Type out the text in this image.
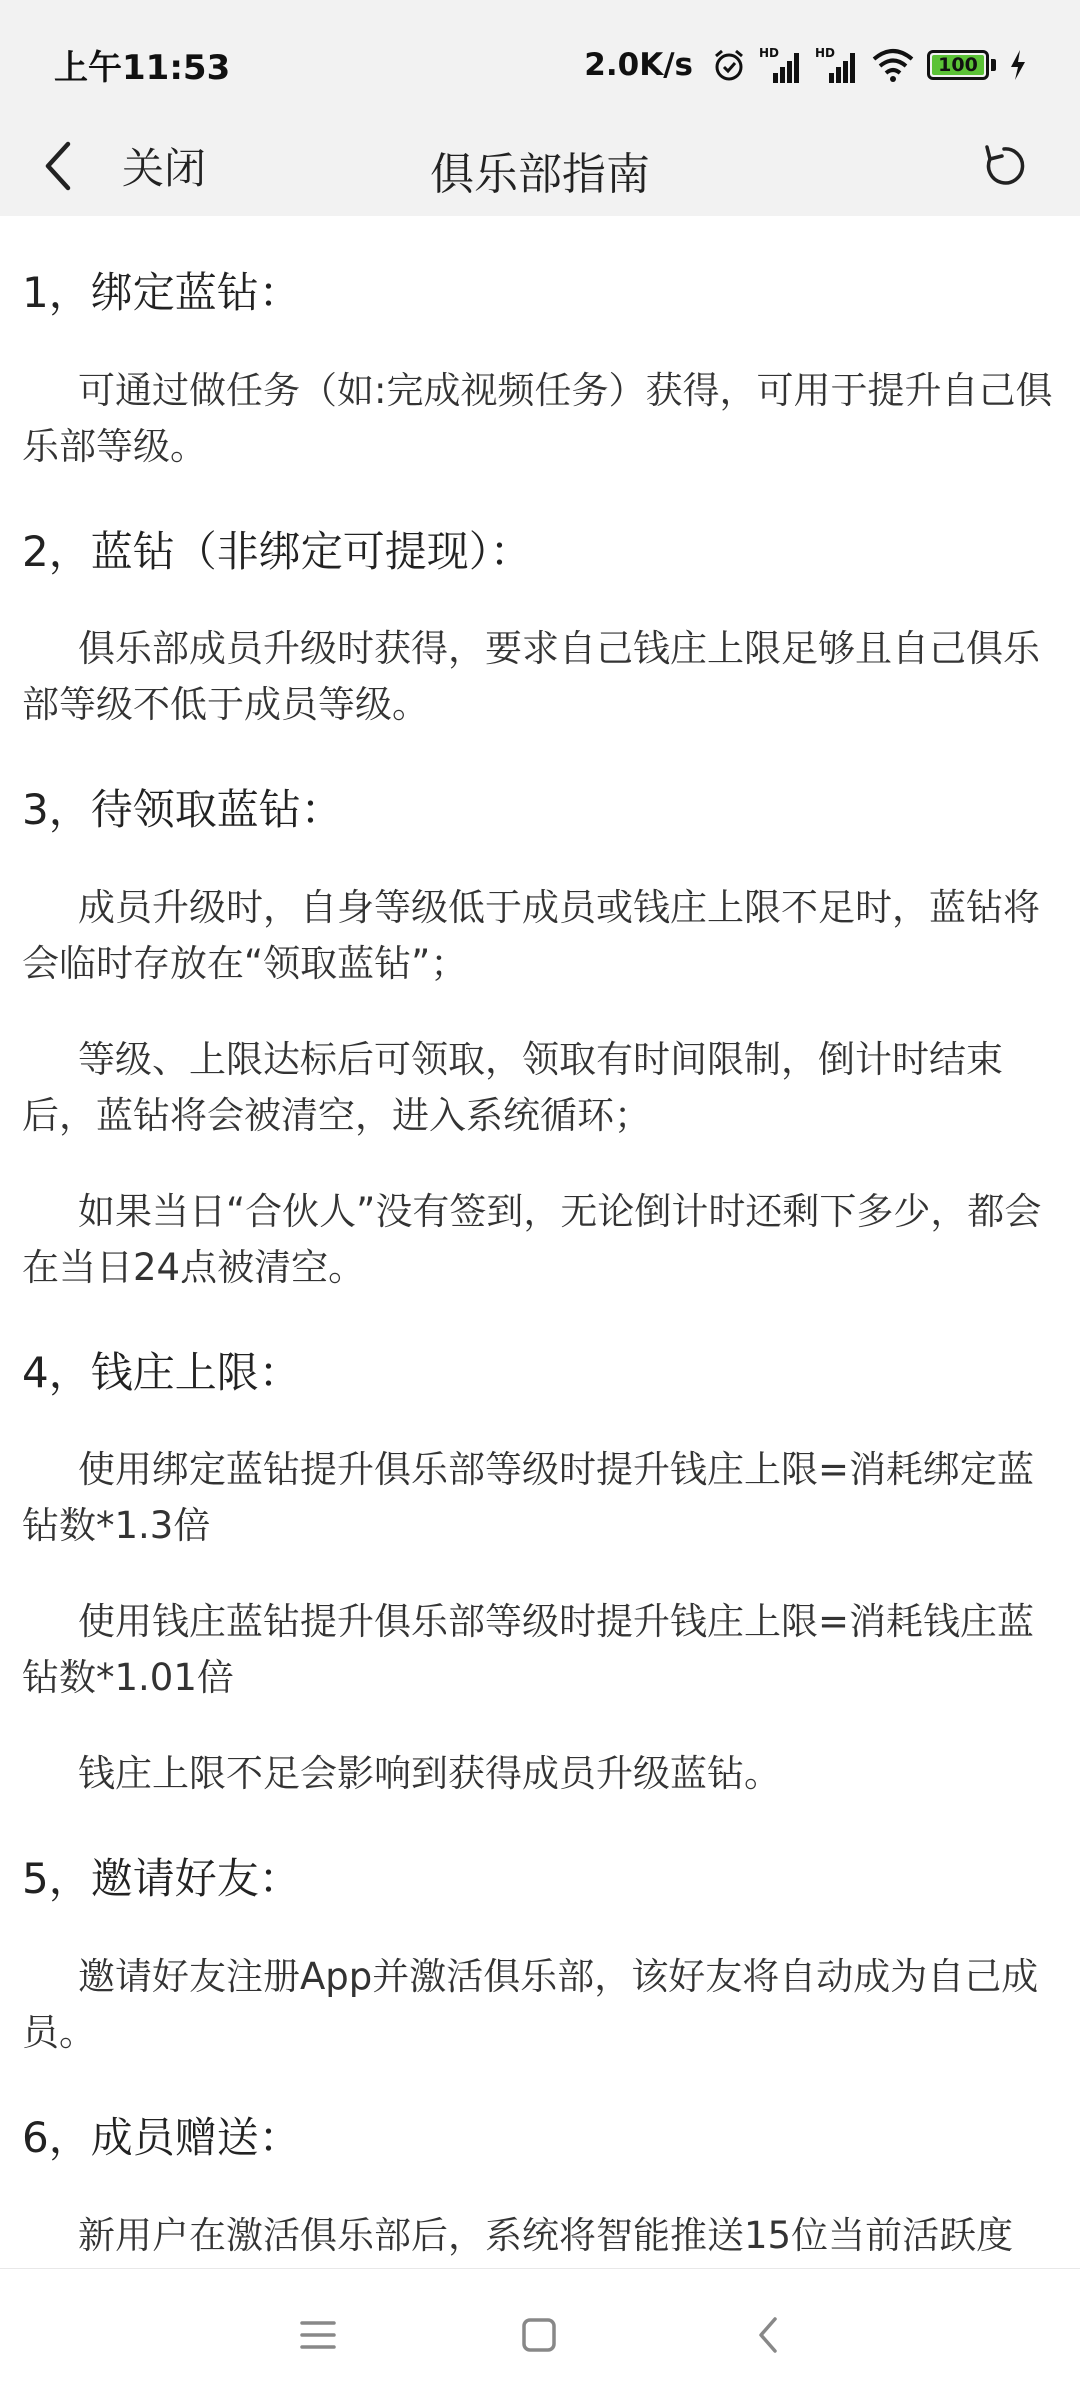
上午11:53	2.0K/s	HD	HD
100
关闭	俱乐部指南
1，绑定蓝钻：

可通过做任务（如:完成视频任务）获得，可用于提升自己俱乐部等级。

2，蓝钻（非绑定可提现）：

俱乐部成员升级时获得，要求自己钱庄上限足够且自己俱乐部等级不低于成员等级。

3，待领取蓝钻：

成员升级时，自身等级低于成员或钱庄上限不足时，蓝钻将会临时存放在“领取蓝钻”；

等级、上限达标后可领取，领取有时间限制，倒计时结束后，蓝钻将会被清空，进入系统循环；

如果当日“合伙人”没有签到，无论倒计时还剩下多少，都会在当日24点被清空。

4，钱庄上限：

使用绑定蓝钻提升俱乐部等级时提升钱庄上限=消耗绑定蓝钻数*1.3倍

使用钱庄蓝钻提升俱乐部等级时提升钱庄上限=消耗钱庄蓝钻数*1.01倍

钱庄上限不足会影响到获得成员升级蓝钻。

5，邀请好友：

邀请好友注册App并激活俱乐部，该好友将自动成为自己成员。

6，成员赠送：

新用户在激活俱乐部后，系统将智能推送15位当前活跃度
